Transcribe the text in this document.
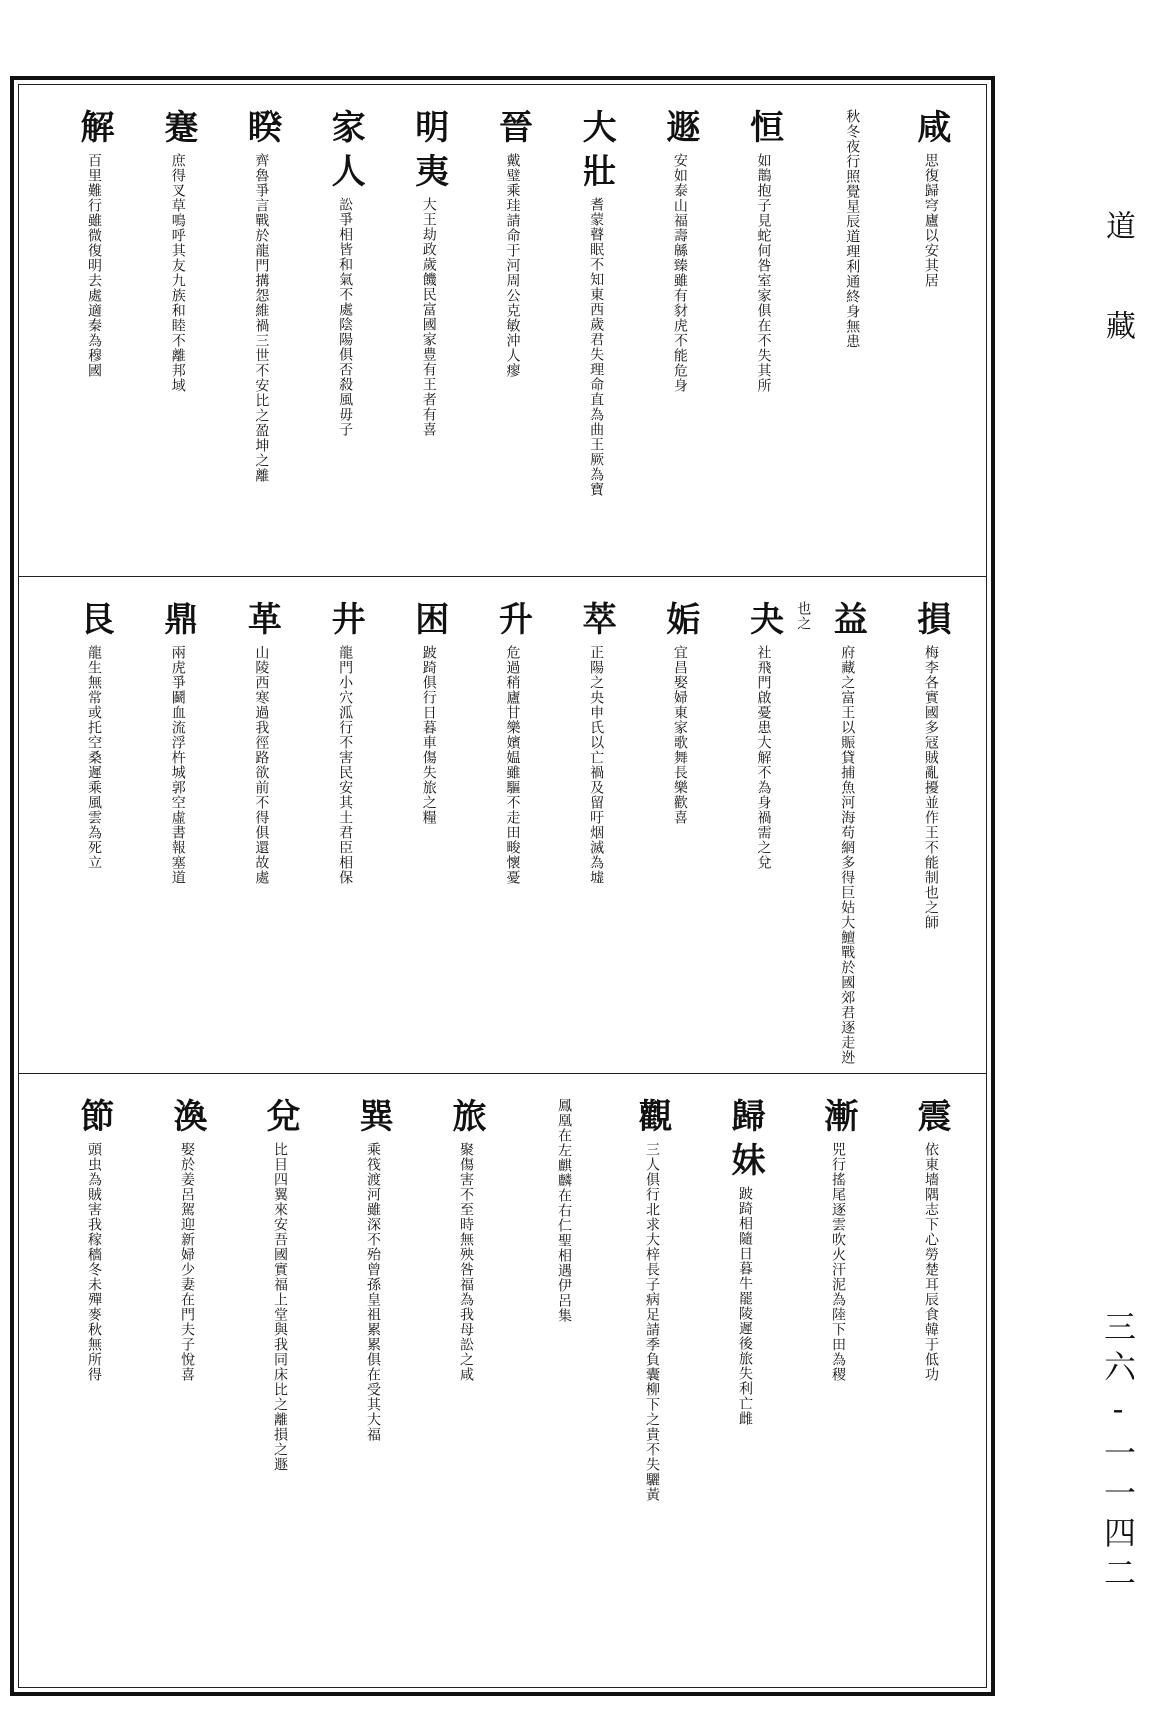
咸思復歸穹廬以安其居
秋冬夜行照覺星辰道理利通終身無患
恒如鵲抱子見蛇何咎室家俱在不失其所
遯安如泰山福壽緜臻雖有豺虎不能危身
大壯耆蒙瞽眠不知東西歲君失理命直為曲王厥為寶
晉戴璧乘珪請命于河周公克敏沖人瘳
明夷大王劫政歲饑民富國家豊有王者有喜
家人訟爭相皆和氣不處陰陽俱否殺風毋子
睽齊魯爭言戰於龍門搆怨維禍三世不安比之盈坤之離
蹇庶得叉草鳴呼其友九族和睦不離邦域
解百里難行雖微復明去處適秦為穆國
損梅李各實國多冦賊亂擾並作王不能制也之師
益府藏之富王以賑貸捕魚河海苟網多得巨姑大鱣戰於國郊君逐走迯也之
夬社飛門啟憂患大解不為身禍需之兌
姤宜昌娶婦東家歌舞長樂歡喜
萃正陽之央申氏以亡禍及留吁烟滅為墟
升危過稍廬甘樂嬪媪雖驅不走田畯懷憂
困跛踦俱行日暮車傷失旅之糧
井龍門小穴泒行不害民安其土君臣相保
革山陵西寒過我徑路欲前不得俱還故處
鼎兩虎爭鬬血流浮杵城郭空虛書報塞道
艮龍生無常或托空桑遲乘風雲為死立
震依東墻隅志下心勞楚耳辰食韓于低功
漸兕行搖尾逐雲吹火汗泥為陸下田為稷
歸妹跛踦相隨日暮牛罷陵遲後旅失利亡雌
觀三人俱行北求大梓長子病足請季負囊柳下之貴不失驪黃
鳳凰在左麒麟在右仁聖相遇伊呂集
旅聚傷害不至時無殃咎福為我母訟之咸
巽乘筏渡河雖深不殆曾孫皇祖累累俱在受其大福
兌比目四翼來安吾國實福上堂與我同床比之離損之遯
渙娶於姜呂駕迎新婦少妻在門夫子悅喜
節頭虫為賊害我稼穡冬未殫麥秋無所得
道藏
三六-一一四二
